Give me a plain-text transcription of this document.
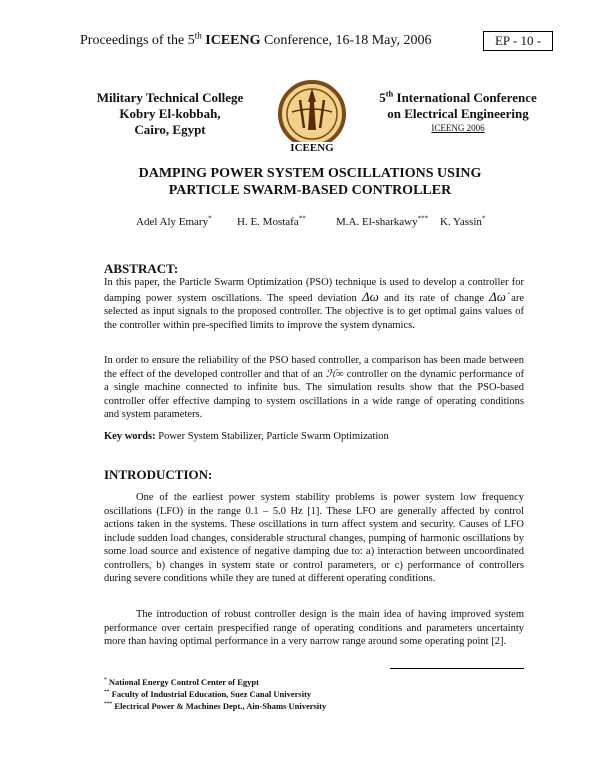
Proceedings of the 5th ICEENG Conference, 16-18 May, 2006	EP - 10 -
Military Technical College
Kobry El-kobbah,
Cairo, Egypt
ICEENG
5th International Conference
on Electrical Engineering
ICEENG 2006
DAMPING POWER SYSTEM OSCILLATIONS USING
PARTICLE SWARM-BASED CONTROLLER
Adel Aly Emary* H. E. Mostafa**	M.A. El-sharkawy*** K. Yassin*
ABSTRACT:
In this paper, the Particle Swarm Optimization (PSO) technique is used to develop a controller for damping power system oscillations. The speed deviation Δω and its rate of change Δω̇ are selected as input signals to the proposed controller. The objective is to get optimal gains values of the controller within pre-specified limits to improve the system dynamics.
In order to ensure the reliability of the PSO based controller, a comparison has been made between the effect of the developed controller and that of an ℋ∞ controller on the dynamic performance of a single machine connected to infinite bus. The simulation results show that the PSO-based controller offer effective damping to system oscillations in a wide range of operating conditions and system parameters.
Key words: Power System Stabilizer, Particle Swarm Optimization
INTRODUCTION:
One of the earliest power system stability problems is power system low frequency oscillations (LFO) in the range 0.1 – 5.0 Hz [1]. These LFO are generally affected by control actions taken in the systems. These oscillations in turn affect system and security. Causes of LFO include sudden load changes, considerable structural changes, pumping of harmonic oscillations by some load source and existence of negative damping due to: a) interaction between uncoordinated controllers, b) changes in system state or control parameters, or c) performance of controllers during severe conditions while they are tuned at different operating conditions.
The introduction of robust controller design is the main idea of having improved system performance over certain prespecified range of operating conditions and parameters uncertainty more than having optimal performance in a very narrow range around some operating point [2].
* National Energy Control Center of Egypt
** Faculty of Industrial Education, Suez Canal University
*** Electrical Power & Machines Dept., Ain-Shams University
